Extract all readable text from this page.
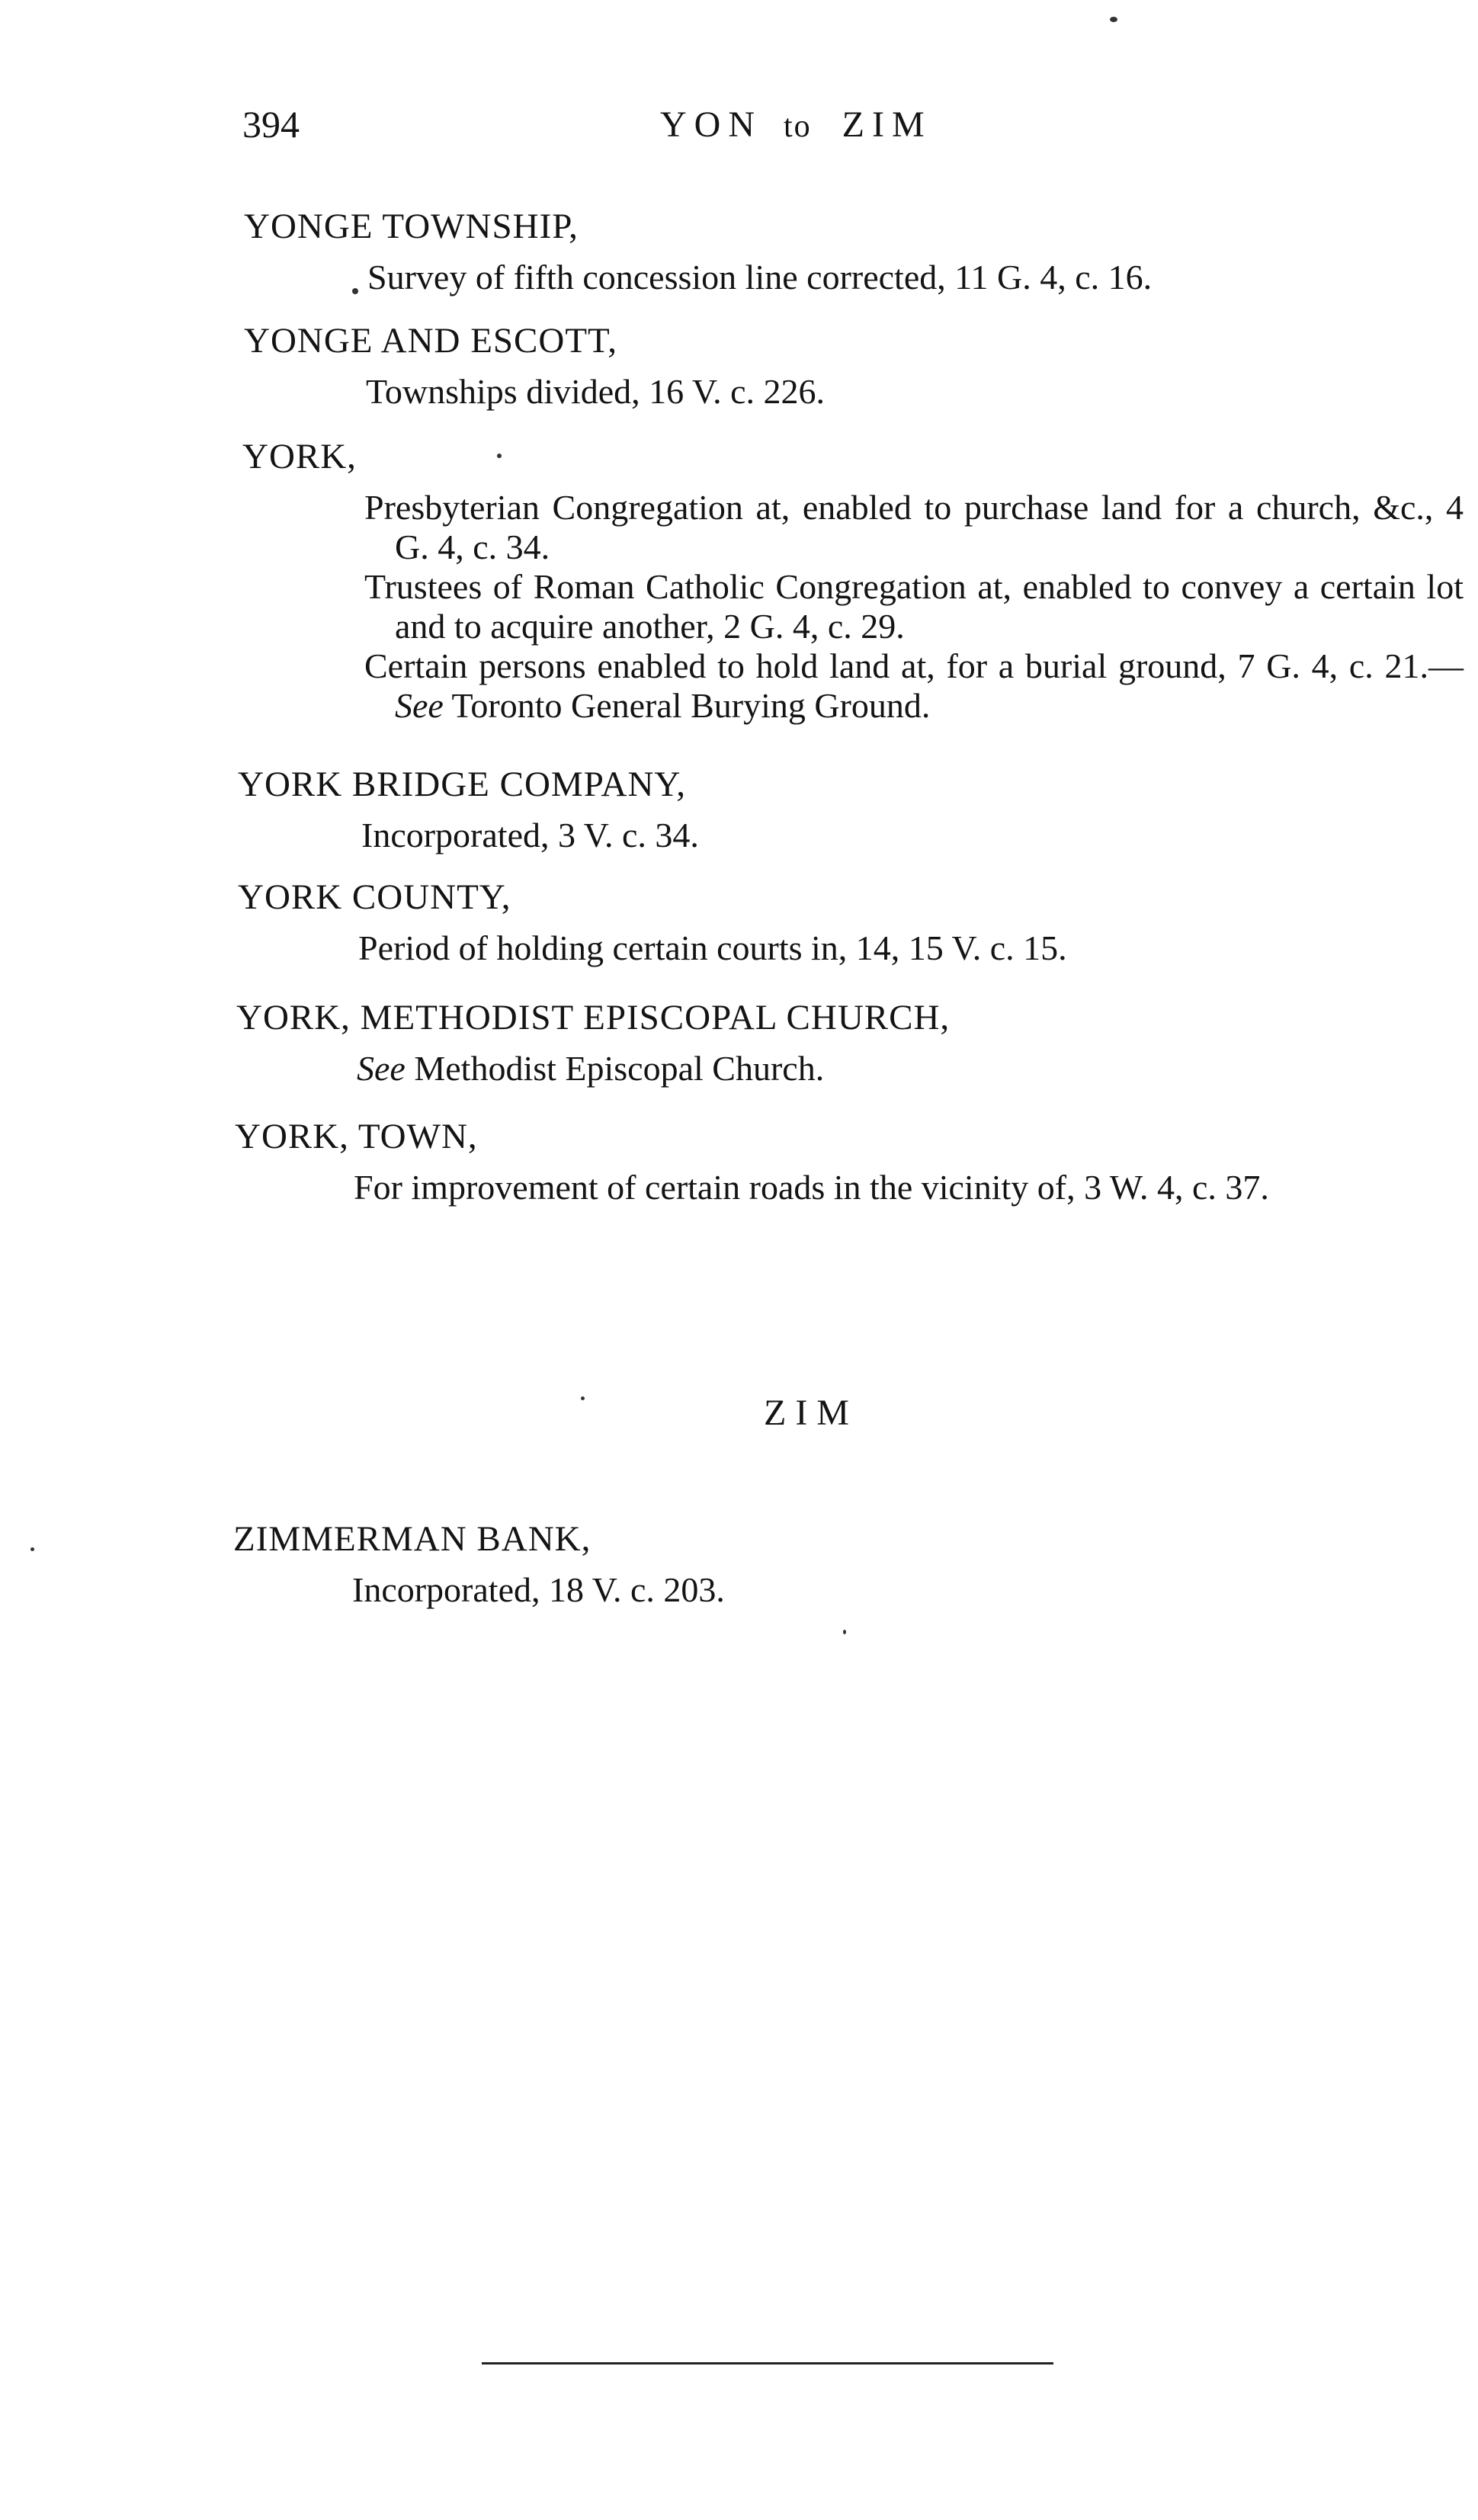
394	YON to ZIM
YONGE TOWNSHIP,
Survey of fifth concession line corrected, 11 G. 4, c. 16.
YONGE AND ESCOTT,
Townships divided, 16 V. c. 226.
YORK,
Presbyterian Congregation at, enabled to purchase land for a church, &c., 4 G. 4, c. 34.
Trustees of Roman Catholic Congregation at, enabled to convey a certain lot and to acquire another, 2 G. 4, c. 29.
Certain persons enabled to hold land at, for a burial ground, 7 G. 4, c. 21.—See Toronto General Burying Ground.
YORK BRIDGE COMPANY,
Incorporated, 3 V. c. 34.
YORK COUNTY,
Period of holding certain courts in, 14, 15 V. c. 15.
YORK, METHODIST EPISCOPAL CHURCH,
See Methodist Episcopal Church.
YORK, TOWN,
For improvement of certain roads in the vicinity of, 3 W. 4, c. 37.
ZIM
ZIMMERMAN BANK,
Incorporated, 18 V. c. 203.
